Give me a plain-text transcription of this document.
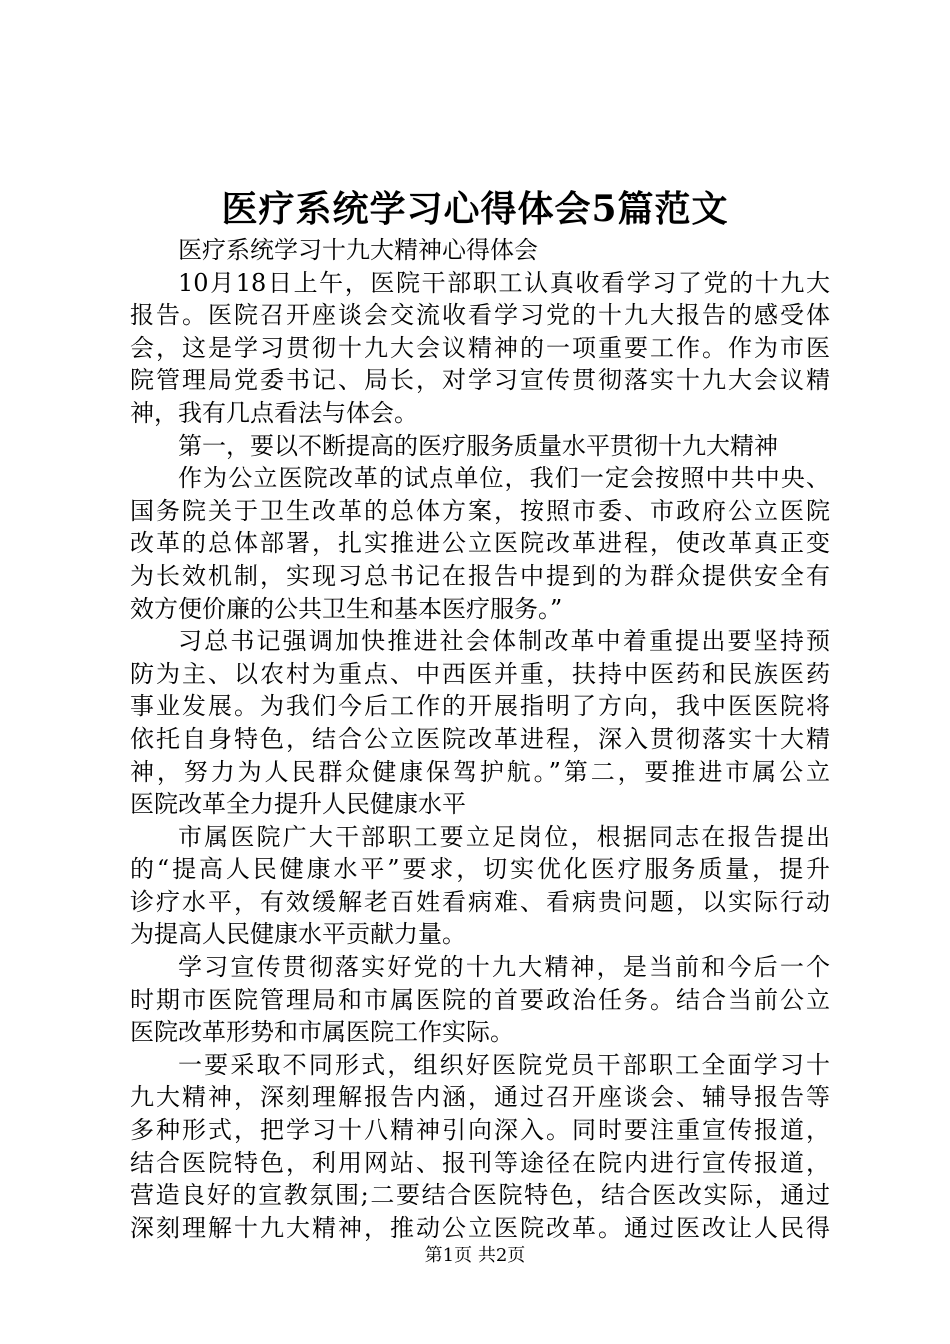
医疗系统学习心得体会5篇范文
医疗系统学习十九大精神心得体会
10月18日上午，医院干部职工认真收看学习了党的十九大
报告。医院召开座谈会交流收看学习党的十九大报告的感受体
会，这是学习贯彻十九大会议精神的一项重要工作。作为市医
院管理局党委书记、局长，对学习宣传贯彻落实十九大会议精
神，我有几点看法与体会。
第一，要以不断提高的医疗服务质量水平贯彻十九大精神
作为公立医院改革的试点单位，我们一定会按照中共中央、
国务院关于卫生改革的总体方案，按照市委、市政府公立医院
改革的总体部署，扎实推进公立医院改革进程，使改革真正变
为长效机制，实现习总书记在报告中提到的为群众提供安全有
效方便价廉的公共卫生和基本医疗服务。”
习总书记强调加快推进社会体制改革中着重提出要坚持预
防为主、以农村为重点、中西医并重，扶持中医药和民族医药
事业发展。为我们今后工作的开展指明了方向，我中医医院将
依托自身特色，结合公立医院改革进程，深入贯彻落实十大精
神，努力为人民群众健康保驾护航。”第二，要推进市属公立
医院改革全力提升人民健康水平
市属医院广大干部职工要立足岗位，根据同志在报告提出
的“提高人民健康水平”要求，切实优化医疗服务质量，提升
诊疗水平，有效缓解老百姓看病难、看病贵问题，以实际行动
为提高人民健康水平贡献力量。
学习宣传贯彻落实好党的十九大精神，是当前和今后一个
时期市医院管理局和市属医院的首要政治任务。结合当前公立
医院改革形势和市属医院工作实际。
一要采取不同形式，组织好医院党员干部职工全面学习十
九大精神，深刻理解报告内涵，通过召开座谈会、辅导报告等
多种形式，把学习十八精神引向深入。同时要注重宣传报道，
结合医院特色，利用网站、报刊等途径在院内进行宣传报道，
营造良好的宣教氛围;二要结合医院特色，结合医改实际，通过
深刻理解十九大精神，推动公立医院改革。通过医改让人民得
第1页 共2页
